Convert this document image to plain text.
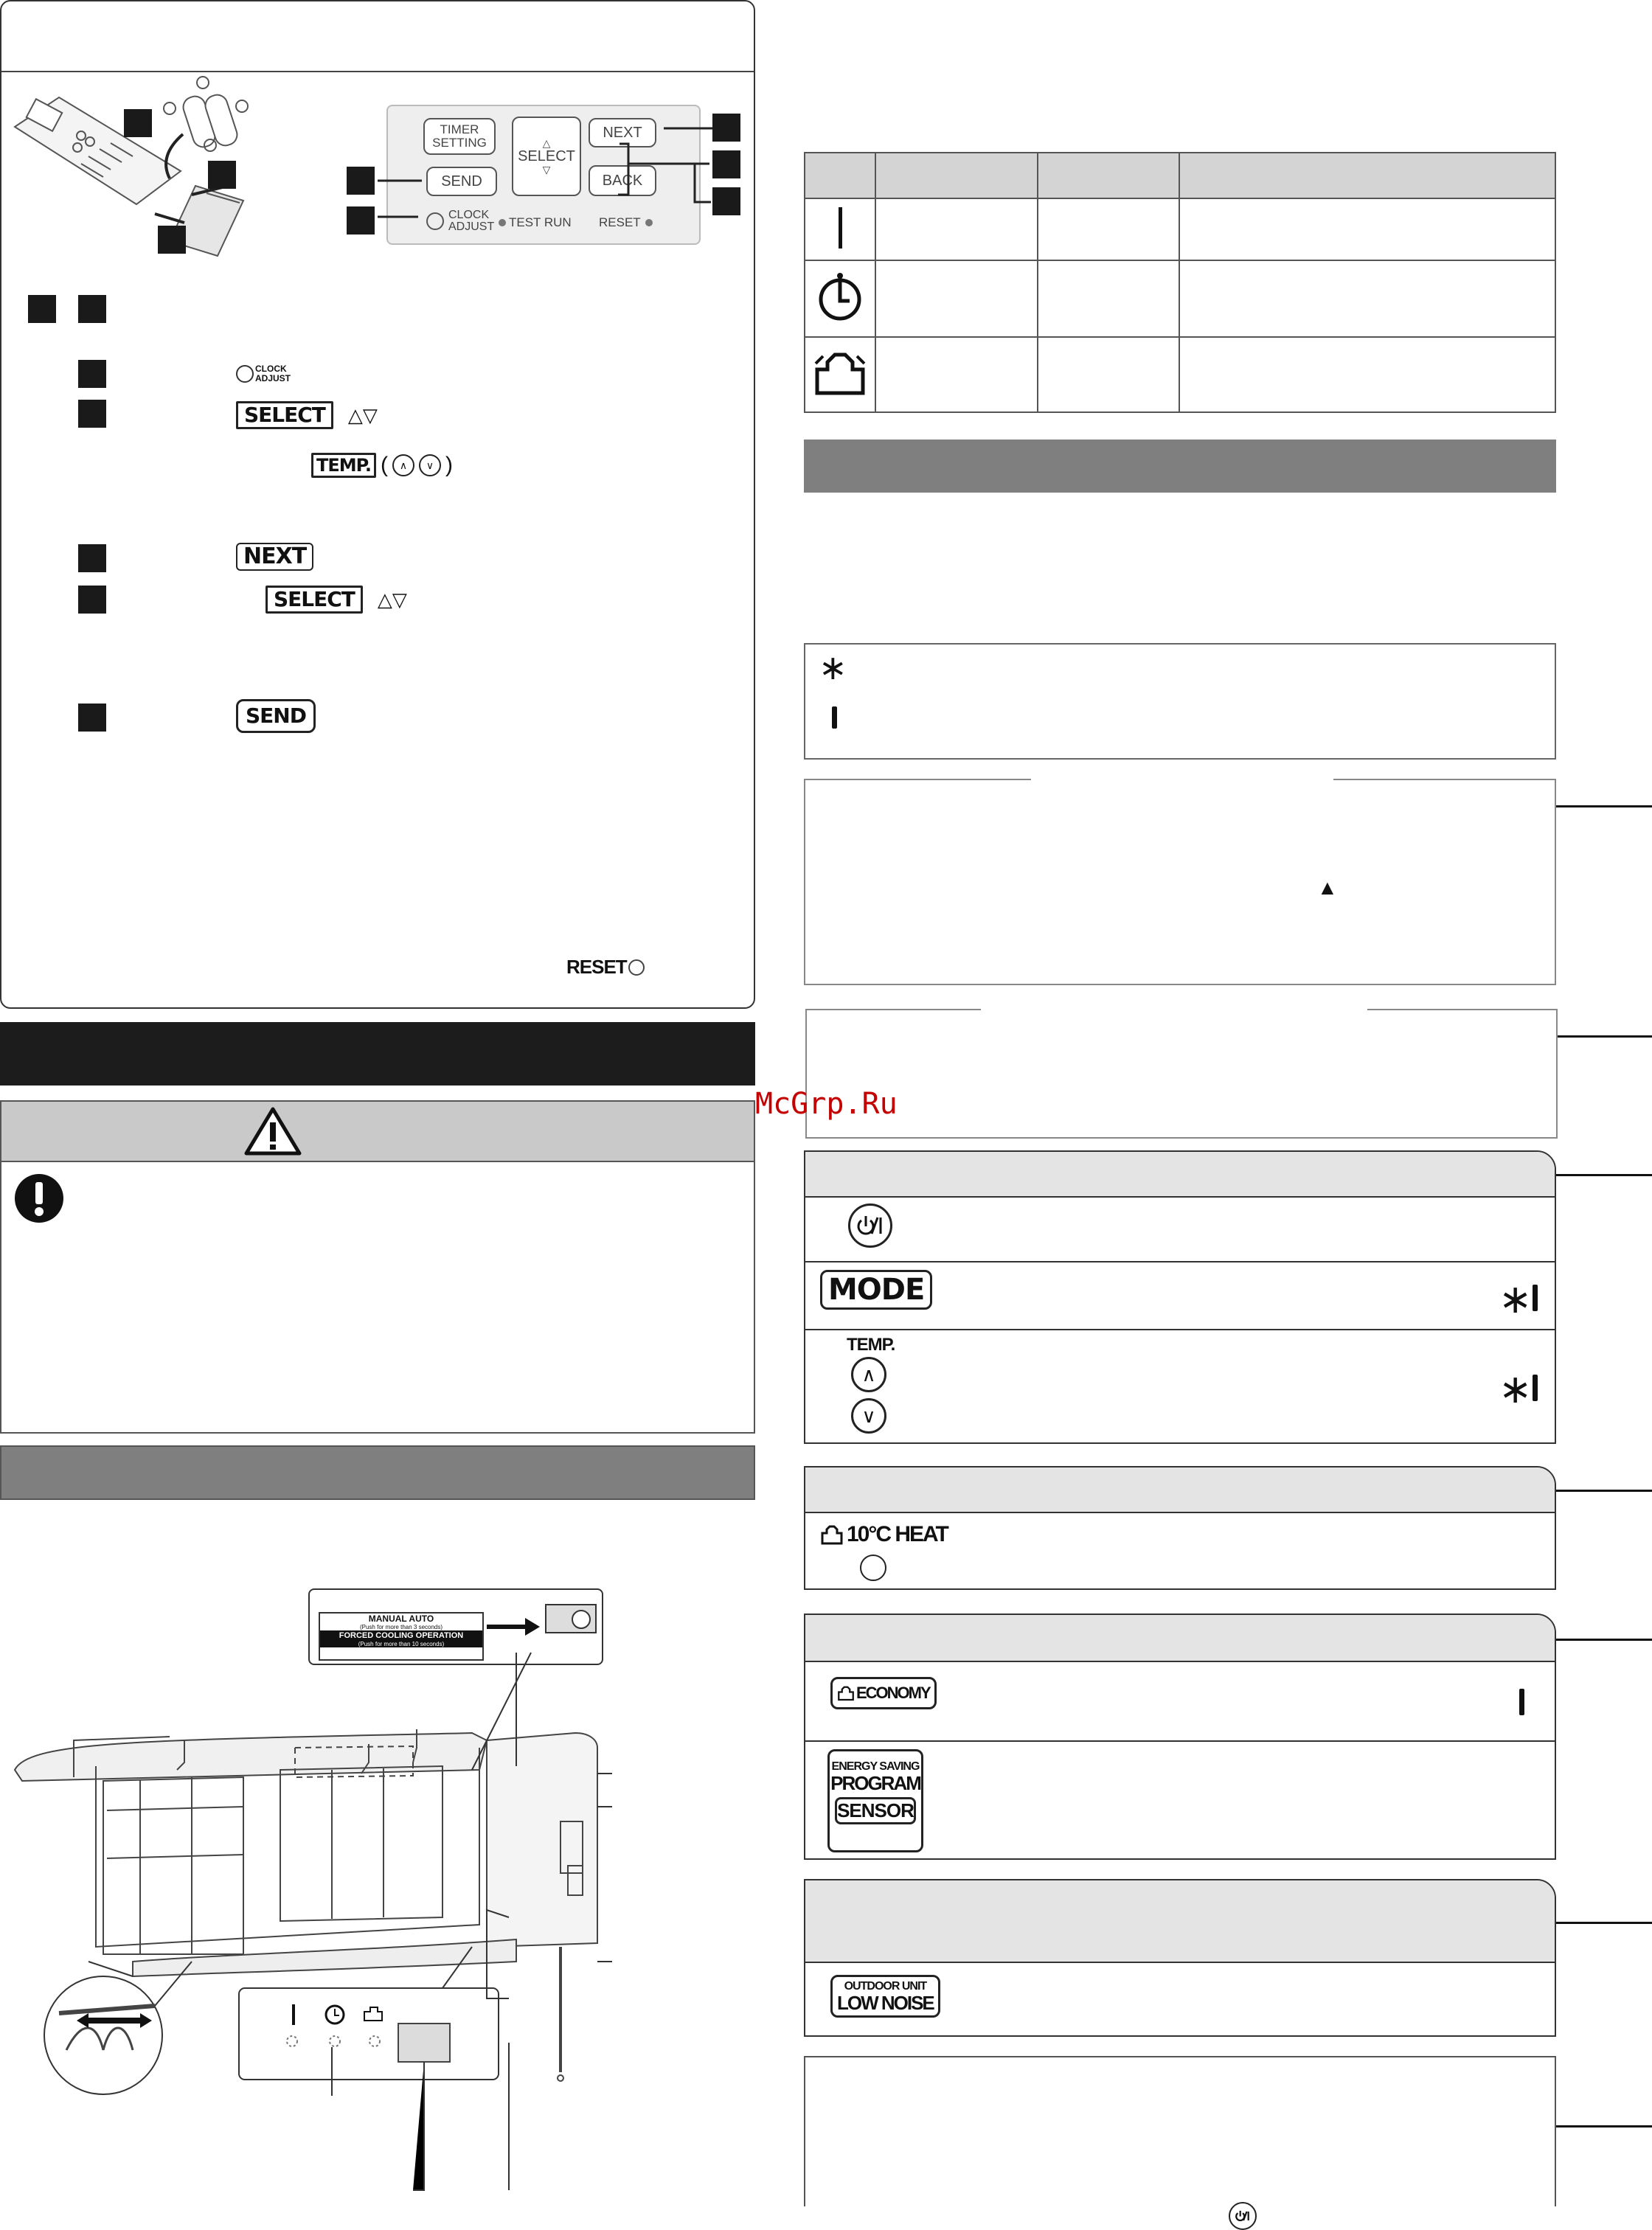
TIMER
SETTING
SEND
△
SELECT
▽
NEXT
BACK
CLOCK
ADJUST TEST RUN RESET
CLOCK
ADJUST
SELECT	△▽
TEMP. (	∧	∨ )
NEXT
SELECT	△▽
SEND
RESET
MANUAL AUTO
(Push for more than 3 seconds)
FORCED COOLING OPERATION
(Push for more than 10 seconds)

∗
▲
McGrp.Ru
MODE	∗
TEMP.
∧
∨
∗
10°C HEAT
ECONOMY
ENERGY SAVING
PROGRAM
SENSOR
OUTDOOR UNIT
LOW NOISE
